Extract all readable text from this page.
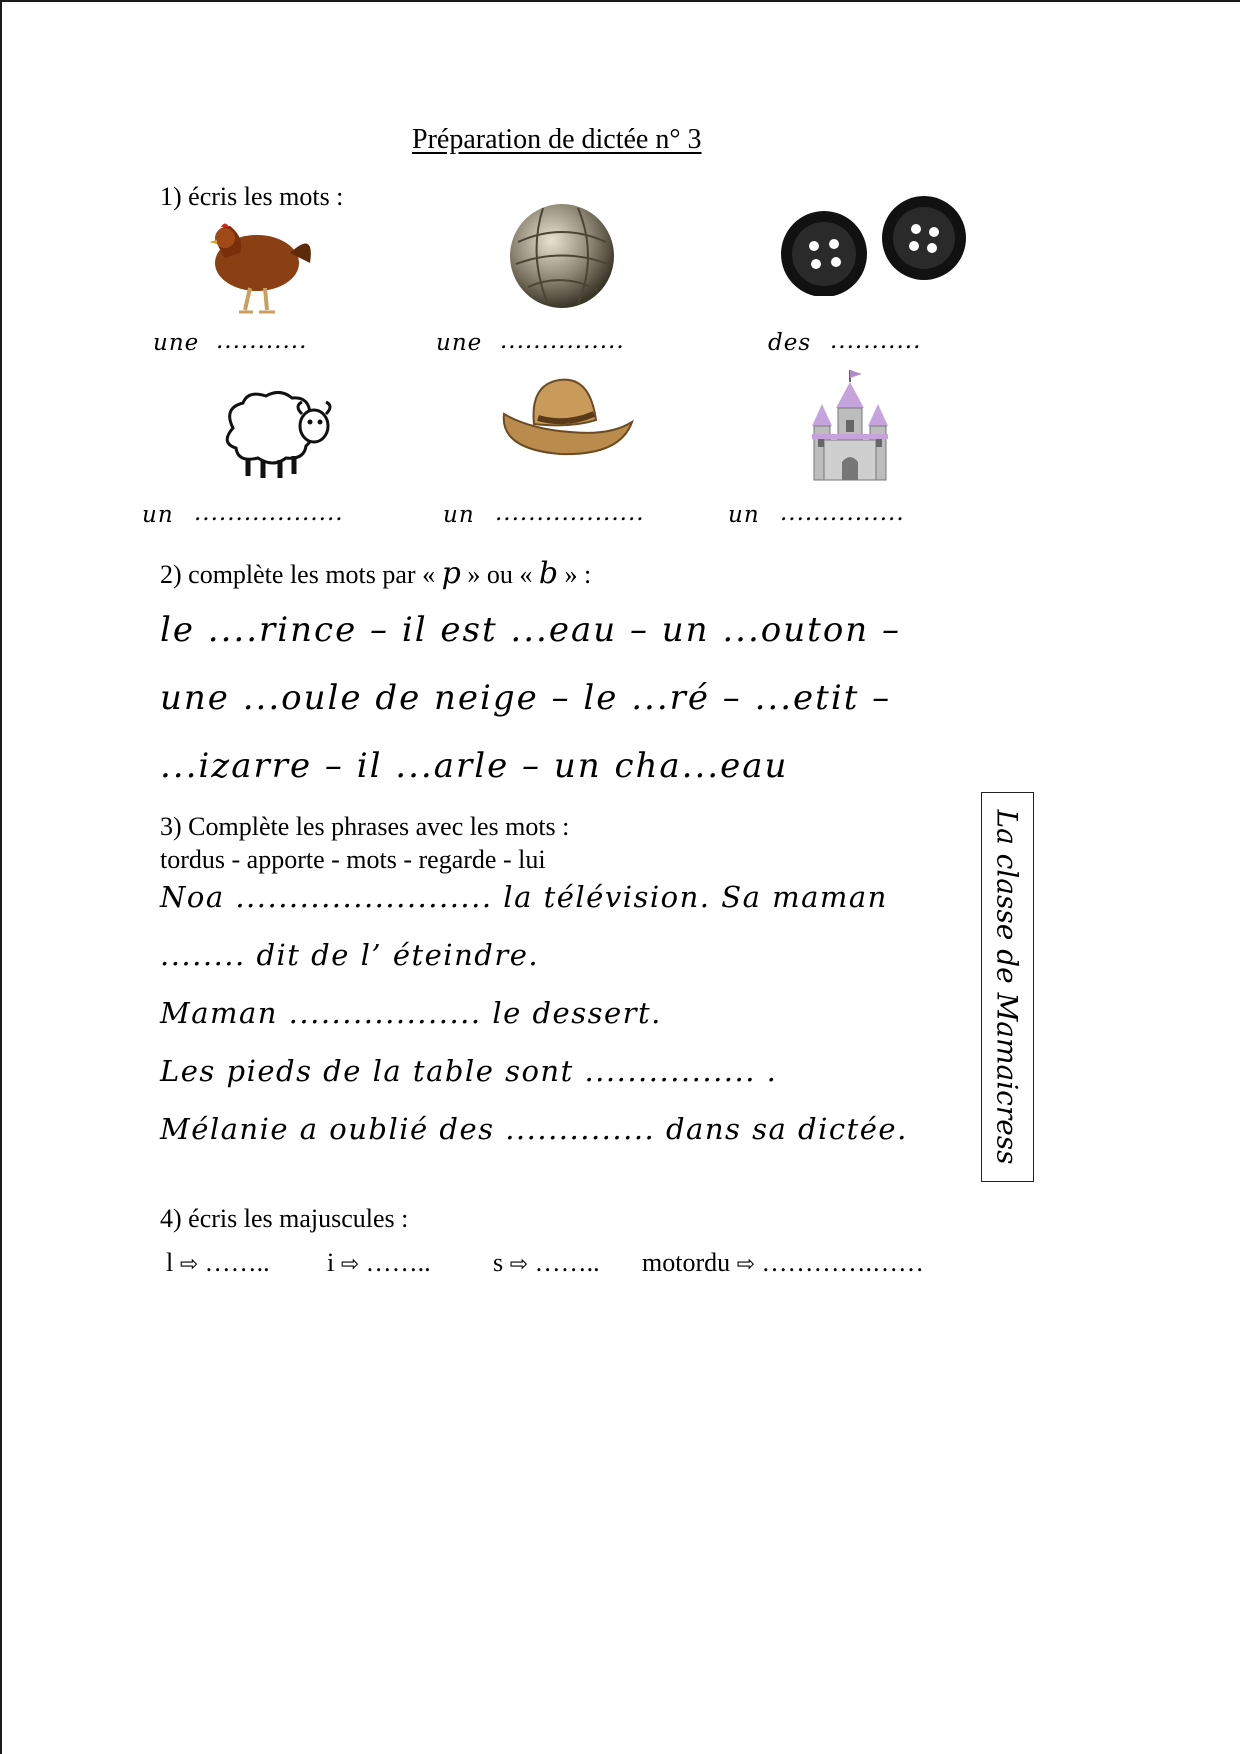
Préparation de dictée n° 3
1) écris les mots :
une ...........	une ...............	des ...........
un ..................	un ..................	un ...............
2) complète les mots par « p » ou « b » :
le ....rince – il est ...eau – un ...outon –
une ...oule de neige – le ...ré – ...etit –
...izarre – il ...arle – un cha...eau
3) Complète les phrases avec les mots :
tordus - apporte - mots - regarde - lui
Noa ........................ la télévision. Sa maman
........ dit de l’ éteindre.
Maman .................. le dessert.
Les pieds de la table sont ................ .
Mélanie a oublié des .............. dans sa dictée.	La classe de Mamaicress
4) écris les majuscules :
l ⇨ …….. i ⇨ …….. s ⇨ …….. motordu ⇨ ………….……
